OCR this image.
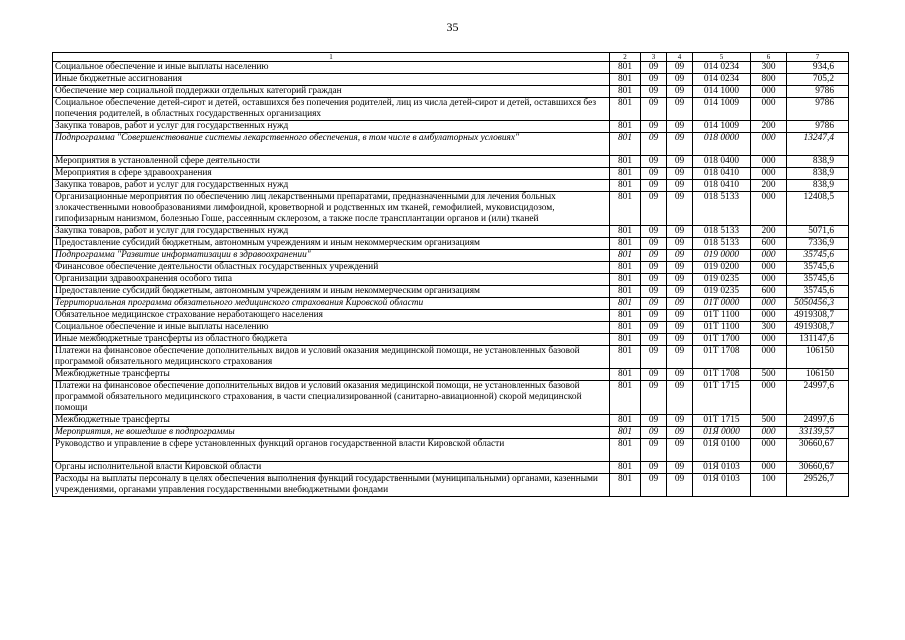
35
1	2	3	4	5	6	7
Социальное обеспечение и иные выплаты населению	801	09	09	014 0234	300	934,6
Иные бюджетные ассигнования	801	09	09	014 0234	800	705,2
Обеспечение мер социальной поддержки отдельных категорий граждан	801	09	09	014 1000	000	9786
Социальное обеспечение детей-сирот и детей, оставшихся без попечения родителей, лиц из числа детей-сирот и детей, оставшихся без попечения родителей, в областных государственных организациях	801	09	09	014 1009	000	9786
Закупка товаров, работ и услуг для государственных нужд	801	09	09	014 1009	200	9786
Подпрограмма "Совершенствование системы лекарственного обеспечения, в том числе в амбулаторных условиях"	801	09	09	018 0000	000	13247,4
Мероприятия в установленной сфере деятельности	801	09	09	018 0400	000	838,9
Мероприятия в сфере здравоохранения	801	09	09	018 0410	000	838,9
Закупка товаров, работ и услуг для государственных нужд	801	09	09	018 0410	200	838,9
Организационные мероприятия по обеспечению лиц лекарственными препаратами, предназначенными для лечения больных злокачественными новообразованиями лимфоидной, кроветворной и родственных им тканей, гемофилией, муковисцидозом, гипофизарным нанизмом, болезнью Гоше, рассеянным склерозом, а также после трансплантации органов и (или) тканей	801	09	09	018 5133	000	12408,5
Закупка товаров, работ и услуг для государственных нужд	801	09	09	018 5133	200	5071,6
Предоставление субсидий бюджетным, автономным учреждениям и иным некоммерческим организациям	801	09	09	018 5133	600	7336,9
Подпрограмма "Развитие информатизации в здравоохранении"	801	09	09	019 0000	000	35745,6
Финансовое обеспечение деятельности областных государственных учреждений	801	09	09	019 0200	000	35745,6
Организации здравоохранения особого типа	801	09	09	019 0235	000	35745,6
Предоставление субсидий бюджетным, автономным учреждениям и иным некоммерческим организациям	801	09	09	019 0235	600	35745,6
Территориальная программа обязательного медицинского страхования Кировской области	801	09	09	01Т 0000	000	5050456,3
Обязательное медицинское страхование неработающего населения	801	09	09	01Т 1100	000	4919308,7
Социальное обеспечение и иные выплаты населению	801	09	09	01Т 1100	300	4919308,7
Иные межбюджетные трансферты из областного бюджета	801	09	09	01Т 1700	000	131147,6
Платежи на финансовое обеспечение дополнительных видов и условий оказания медицинской помощи, не установленных базовой программой обязательного медицинского страхования	801	09	09	01Т 1708	000	106150
Межбюджетные трансферты	801	09	09	01Т 1708	500	106150
Платежи на финансовое обеспечение дополнительных видов и условий оказания медицинской помощи, не установленных базовой программой обязательного медицинского страхования, в части специализированной (санитарно-авиационной) скорой медицинской помощи	801	09	09	01Т 1715	000	24997,6
Межбюджетные трансферты	801	09	09	01Т 1715	500	24997,6
Мероприятия, не вошедшие в подпрограммы	801	09	09	01Я 0000	000	33139,57
Руководство и управление в сфере установленных функций органов государственной власти Кировской области	801	09	09	01Я 0100	000	30660,67
Органы исполнительной власти Кировской области	801	09	09	01Я 0103	000	30660,67
Расходы на выплаты персоналу в целях обеспечения выполнения функций государственными (муниципальными) органами, казенными учреждениями, органами управления государственными внебюджетными фондами	801	09	09	01Я 0103	100	29526,7
